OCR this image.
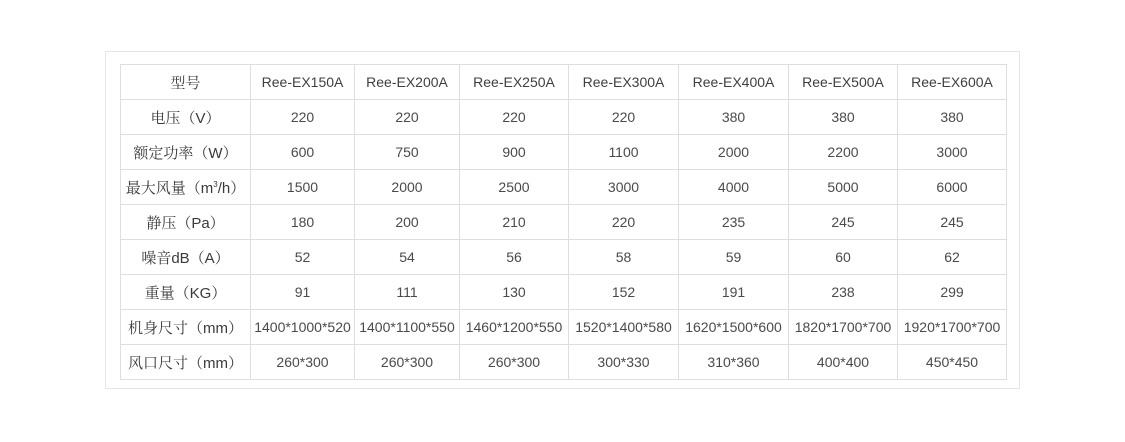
型号	Ree-EX150A	Ree-EX200A	Ree-EX250A	Ree-EX300A	Ree-EX400A	Ree-EX500A	Ree-EX600A
电压（V）	220	220	220	220	380	380	380
额定功率（W）	600	750	900	1100	2000	2200	3000
最大风量$(m^3/h)$	1500	2000	2500	3000	4000	5000	6000
静压（Pa）	180	200	210	220	235	245	245
噪音dB（A）	52	54	56	58	59	60	62
重量（KG）	91	111	130	152	191	238	299
机身尺寸（mm）	1400*1000*520	1400*1100*550	1460*1200*550	1520*1400*580	1620*1500*600	1820*1700*700	1920*1700*700
风口尺寸（mm）	260*300	260*300	260*300	300*330	310*360	400*400	450*450
